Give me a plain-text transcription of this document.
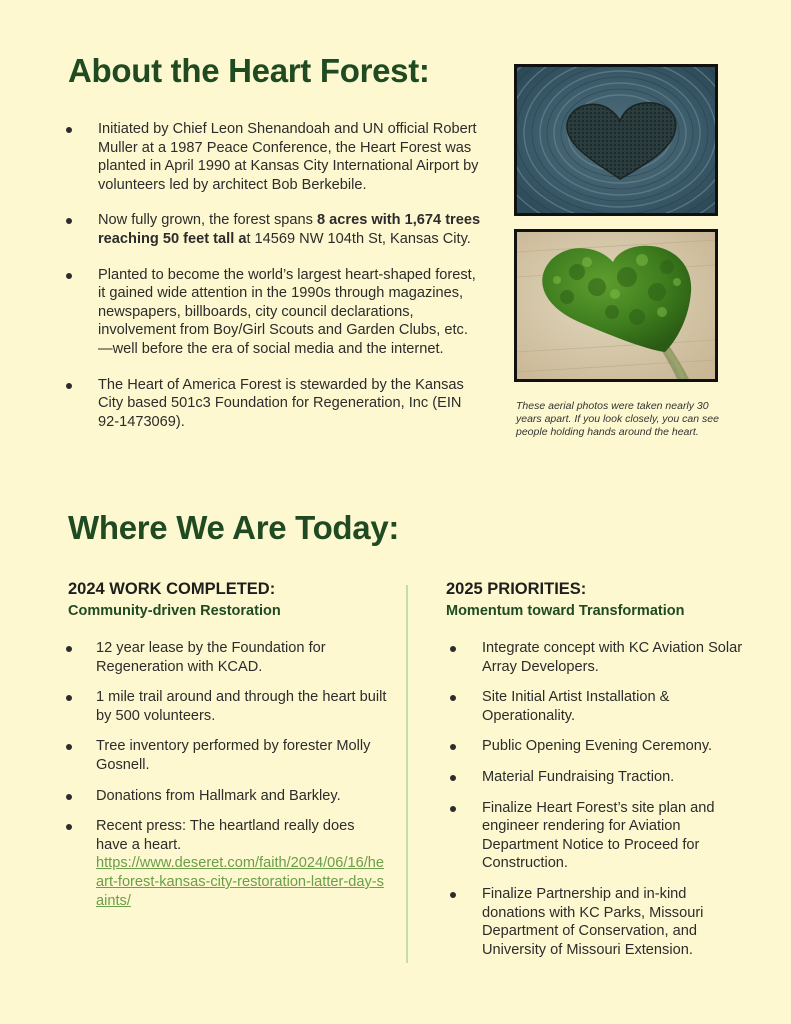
About the Heart Forest:
Initiated by Chief Leon Shenandoah and UN official Robert Muller at a 1987 Peace Conference, the Heart Forest was planted in April 1990 at Kansas City International Airport by volunteers led by architect Bob Berkebile.
Now fully grown, the forest spans 8 acres with 1,674 trees reaching 50 feet tall at 14569 NW 104th St, Kansas City.
Planted to become the world’s largest heart-shaped forest, it gained wide attention in the 1990s through magazines, newspapers, billboards, city council declarations, involvement from Boy/Girl Scouts and Garden Clubs, etc. —well before the era of social media and the internet.
The Heart of America Forest is stewarded by the Kansas City based 501c3 Foundation for Regeneration, Inc (EIN 92-1473069).

These aerial photos were taken nearly 30 years apart. If you look closely, you can see people holding hands around the heart.

Where We Are Today:
2024 WORK COMPLETED:
Community-driven Restoration
12 year lease by the Foundation for Regeneration with KCAD.
1 mile trail around and through the heart built by 500 volunteers.
Tree inventory performed by forester Molly Gosnell.
Donations from Hallmark and Barkley.
Recent press: The heartland really does have a heart.
https://www.deseret.com/faith/2024/06/16/heart-forest-kansas-city-restoration-latter-day-saints/
2025 PRIORITIES:
Momentum toward Transformation
Integrate concept with KC Aviation Solar Array Developers.
Site Initial Artist Installation & Operationality.
Public Opening Evening Ceremony.
Material Fundraising Traction.
Finalize Heart Forest’s site plan and engineer rendering for Aviation Department Notice to Proceed for Construction.
Finalize Partnership and in-kind donations with KC Parks, Missouri Department of Conservation, and University of Missouri Extension.
